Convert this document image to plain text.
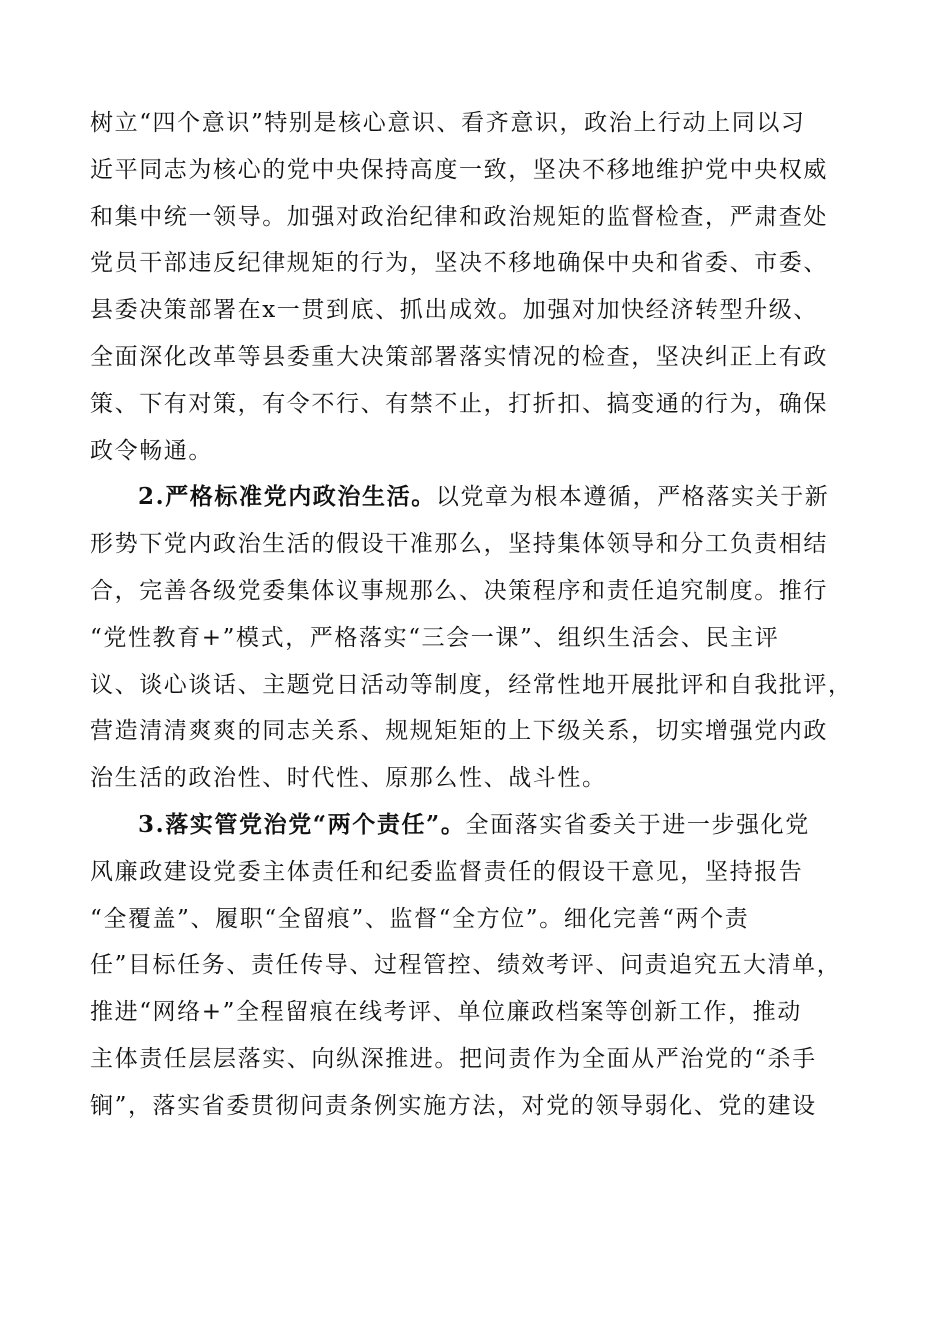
树立“四个意识”特别是核心意识、看齐意识，政治上行动上同以习
近平同志为核心的党中央保持高度一致，坚决不移地维护党中央权威
和集中统一领导。加强对政治纪律和政治规矩的监督检查，严肃查处
党员干部违反纪律规矩的行为，坚决不移地确保中央和省委、市委、
县委决策部署在x一贯到底、抓出成效。加强对加快经济转型升级、
全面深化改革等县委重大决策部署落实情况的检查，坚决纠正上有政
策、下有对策，有令不行、有禁不止，打折扣、搞变通的行为，确保
政令畅通。
2.严格标准党内政治生活。以党章为根本遵循，严格落实关于新
形势下党内政治生活的假设干准那么，坚持集体领导和分工负责相结
合，完善各级党委集体议事规那么、决策程序和责任追究制度。推行
“党性教育+”模式，严格落实“三会一课”、组织生活会、民主评
议、谈心谈话、主题党日活动等制度，经常性地开展批评和自我批评，
营造清清爽爽的同志关系、规规矩矩的上下级关系，切实增强党内政
治生活的政治性、时代性、原那么性、战斗性。
3.落实管党治党“两个责任”。全面落实省委关于进一步强化党
风廉政建设党委主体责任和纪委监督责任的假设干意见，坚持报告
“全覆盖”、履职“全留痕”、监督“全方位”。细化完善“两个责
任”目标任务、责任传导、过程管控、绩效考评、问责追究五大清单，
推进“网络+”全程留痕在线考评、单位廉政档案等创新工作，推动
主体责任层层落实、向纵深推进。把问责作为全面从严治党的“杀手
锏”，落实省委贯彻问责条例实施方法，对党的领导弱化、党的建设
